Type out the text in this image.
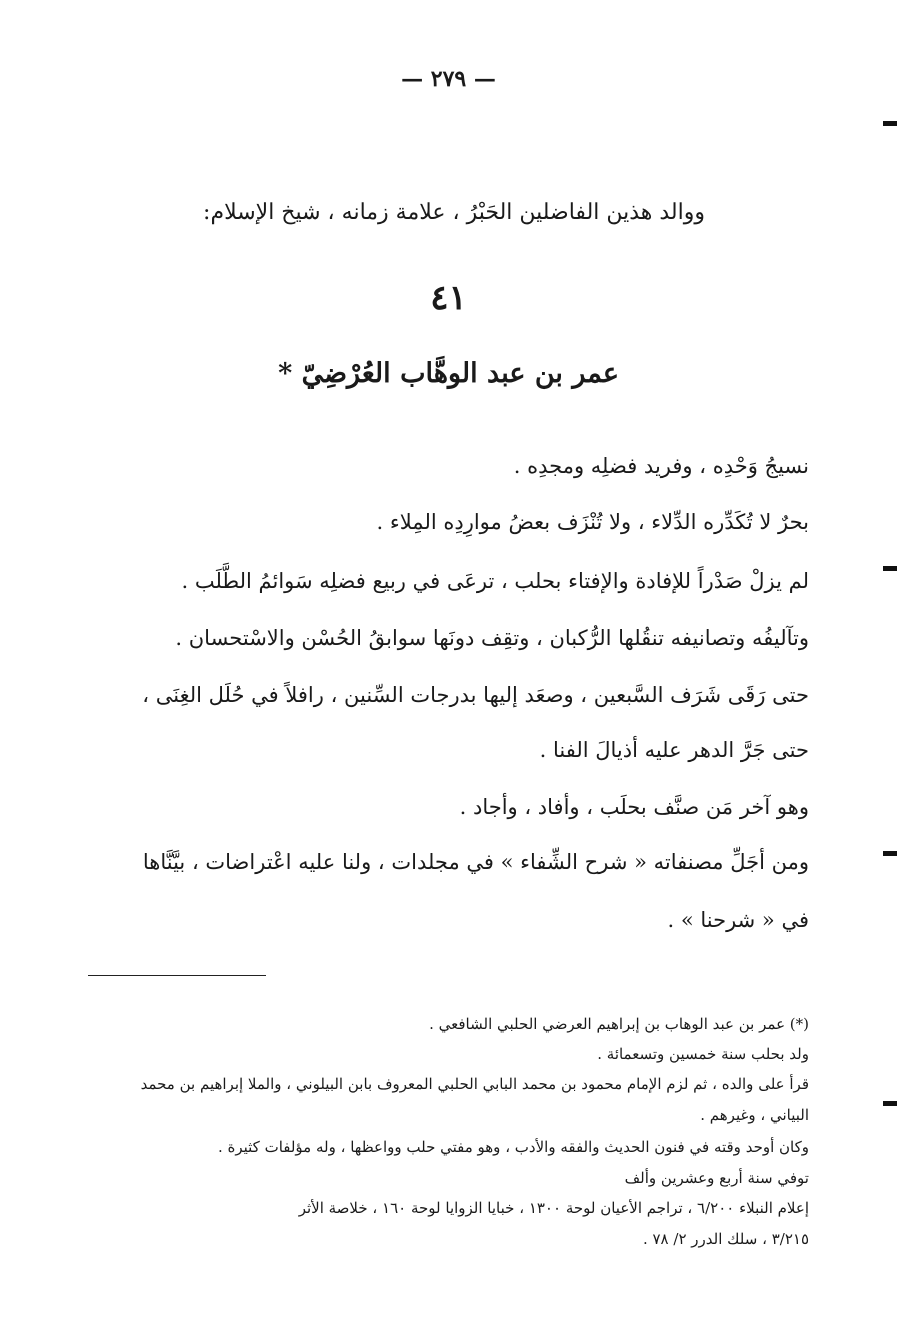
— ٢٧٩ —
ووالد هذين الفاضلين الحَبْرُ ، علامة زمانه ، شيخ الإسلام:
٤١
عمر بن عبد الوهَّاب العُرْضِيّ *
نسيجُ وَحْدِه ، وفريد فضلِه ومجدِه .
بحرٌ لا تُكَدِّره الدِّلاء ، ولا تُنْزَف بعضُ موارِدِه المِلاء .
لم يزلْ صَدْراً للإفادة والإفتاء بحلب ، ترعَى في ربيع فضلِه سَوائمُ الطَّلَب .
وتآليفُه وتصانيفه تنقُلها الرُّكبان ، وتقِف دونَها سوابقُ الحُسْن والاسْتحسان .
حتى رَقَى شَرَف السَّبعين ، وصعَد إليها بدرجات السِّنين ، رافلاً في حُلَل الغِنَى ،
حتى جَرَّ الدهر عليه أذيالَ الفنا .
وهو آخر مَن صنَّف بحلَب ، وأفاد ، وأجاد .
ومن أجَلِّ مصنفاته « شرح الشِّفاء » في مجلدات ، ولنا عليه اعْتراضات ، بيَّنَّاها
في « شرحنا » .
(*) عمر بن عبد الوهاب بن إبراهيم العرضي الحلبي الشافعي .
ولد بحلب سنة خمسين وتسعمائة .
قرأ على والده ، ثم لزم الإمام محمود بن محمد البابي الحلبي المعروف بابن البيلوني ، والملا إبراهيم بن محمد
البياني ، وغيرهم .
وكان أوحد وقته في فنون الحديث والفقه والأدب ، وهو مفتي حلب وواعظها ، وله مؤلفات كثيرة .
توفي سنة أربع وعشرين وألف
إعلام النبلاء ٦/٢٠٠ ، تراجم الأعيان لوحة ١٣٠٠ ، خبايا الزوايا لوحة ١٦٠ ، خلاصة الأثر
٣/٢١٥ ، سلك الدرر ٢/ ٧٨ .
